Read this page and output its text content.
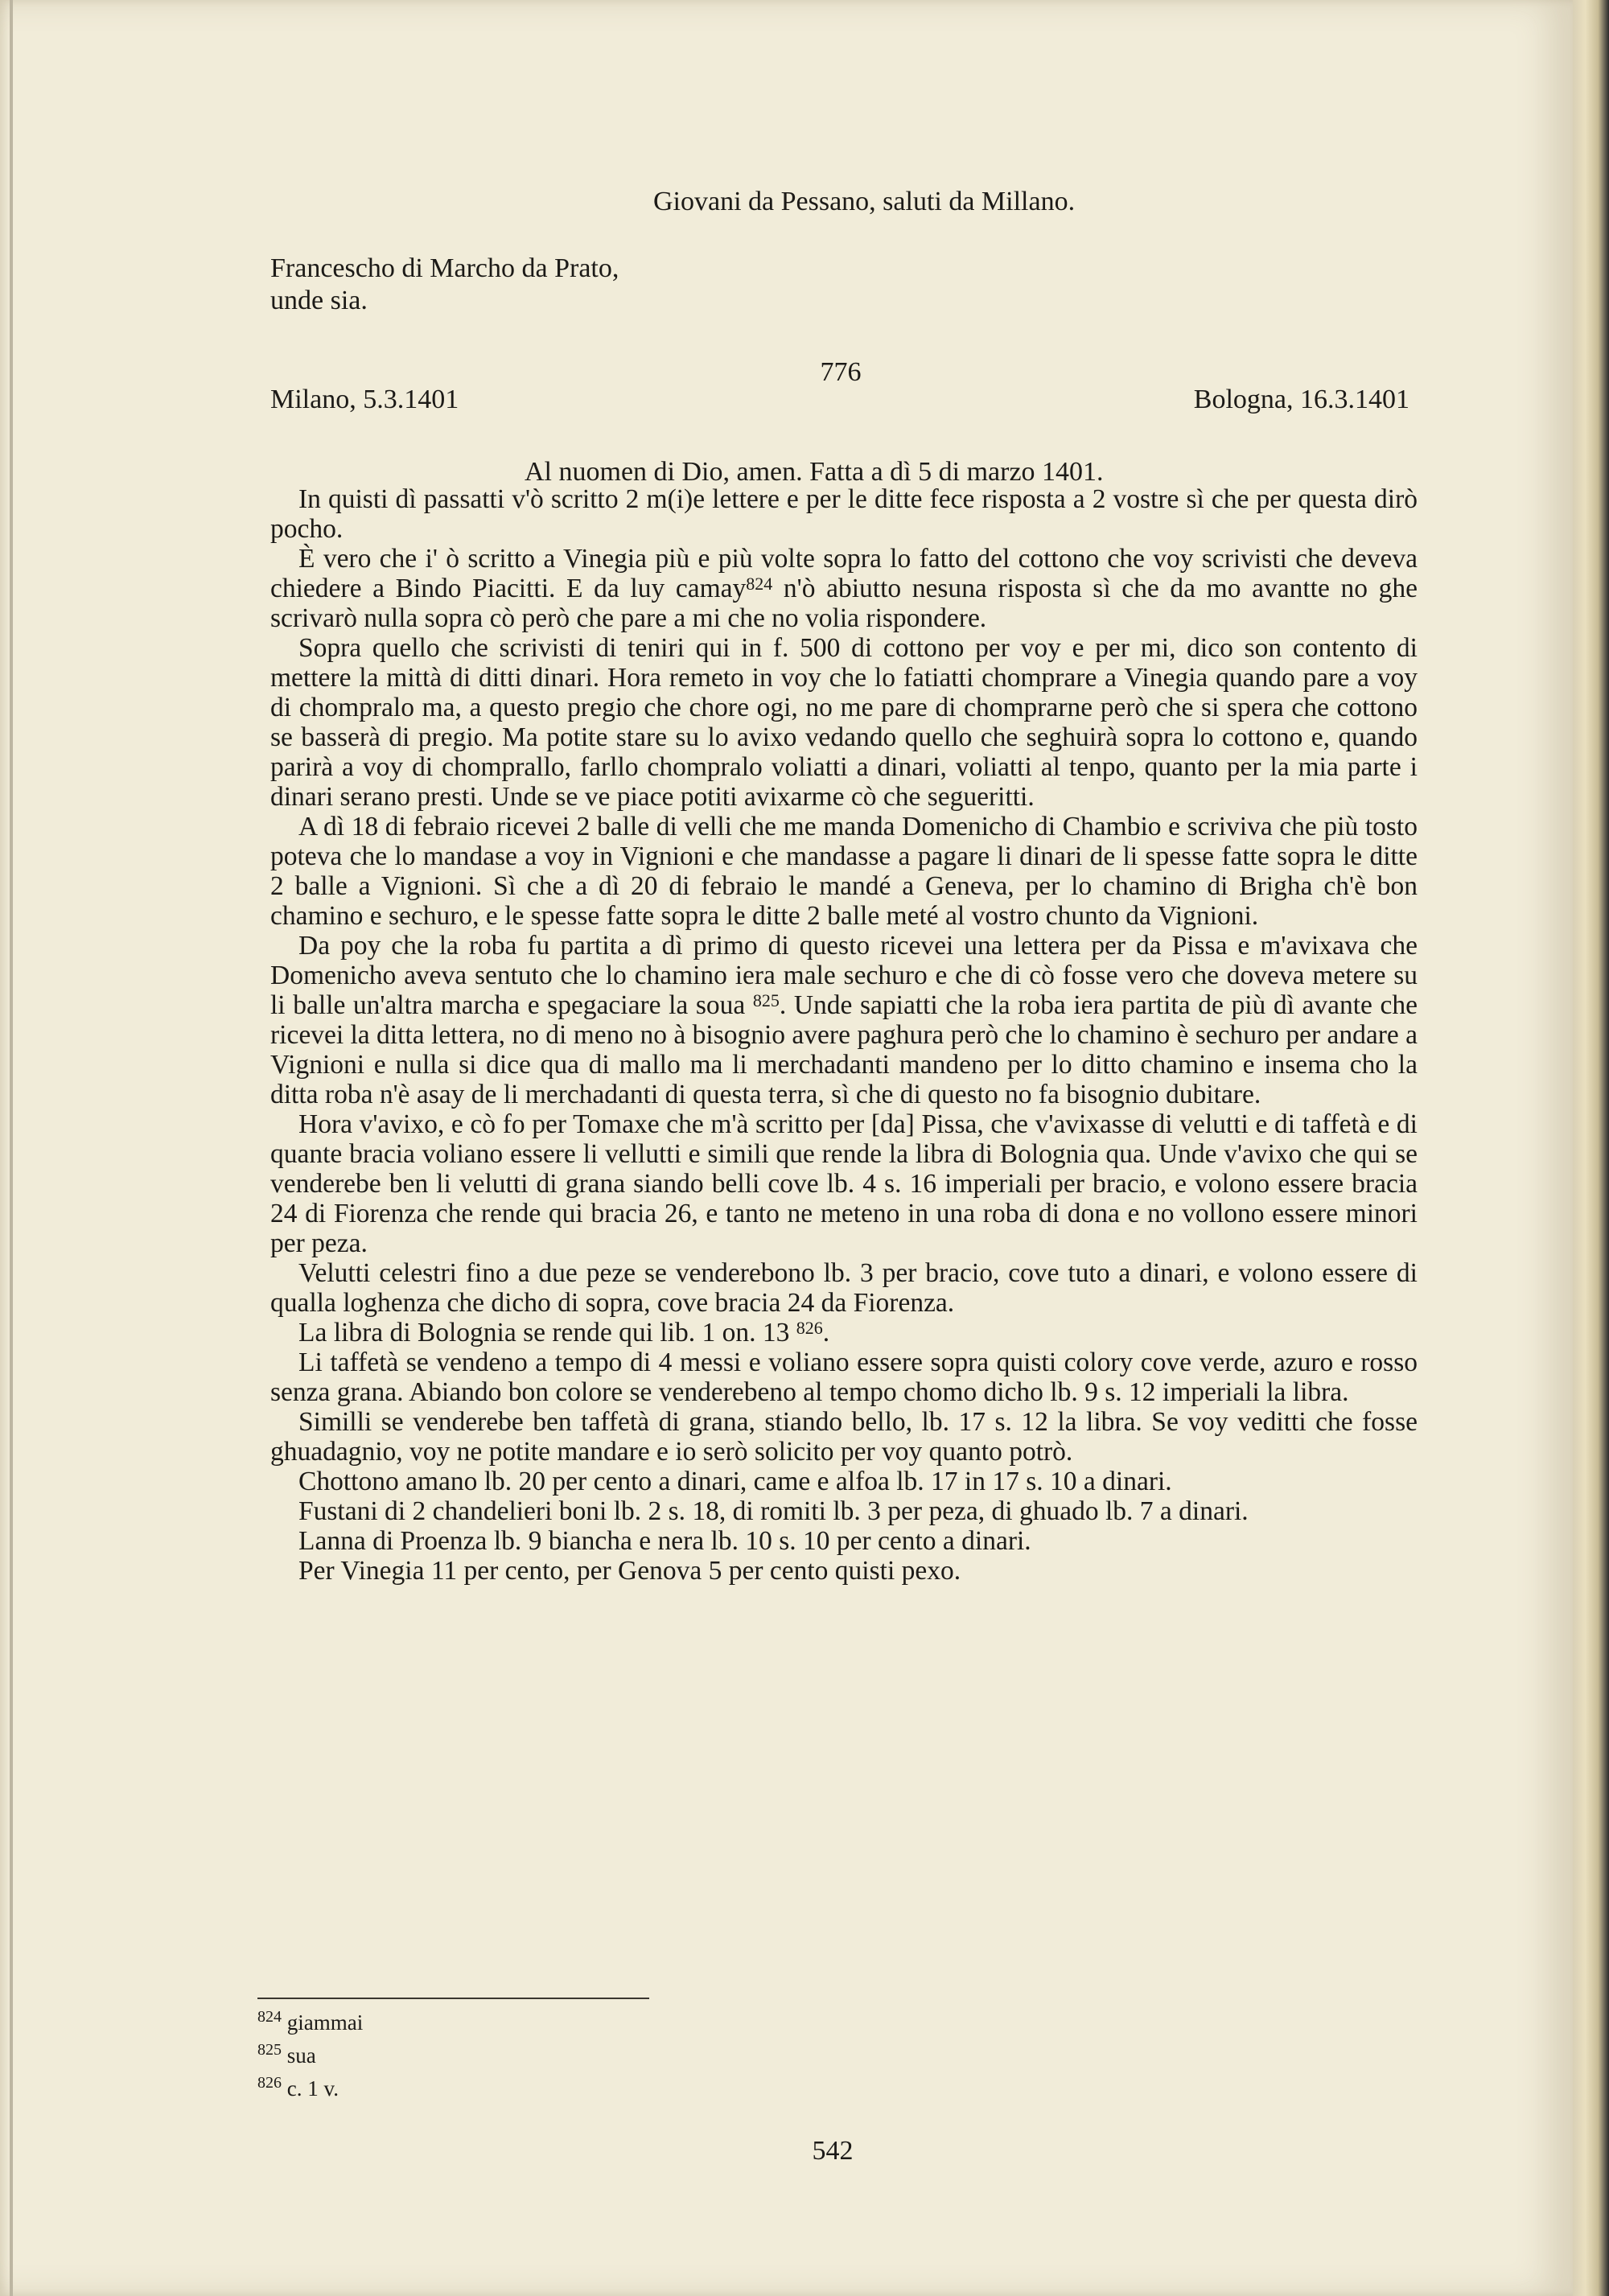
Giovani da Pessano, saluti da Millano.
Francescho di Marcho da Prato,
unde sia.
776
Milano, 5.3.1401	Bologna, 16.3.1401
Al nuomen di Dio, amen. Fatta a dì 5 di marzo 1401.

In quisti dì passatti v'ò scritto 2 m(i)e lettere e per le ditte fece risposta a 2 vostre sì che per questa dirò pocho.

È vero che i' ò scritto a Vinegia più e più volte sopra lo fatto del cottono che voy scrivisti che deveva chiedere a Bindo Piacitti. E da luy camay$^{824}$ n'ò abiutto nesuna risposta sì che da mo avantte no ghe scrivarò nulla sopra cò però che pare a mi che no volia rispondere.

Sopra quello che scrivisti di teniri qui in f. 500 di cottono per voy e per mi, dico son contento di mettere la mittà di ditti dinari. Hora remeto in voy che lo fatiatti chomprare a Vinegia quando pare a voy di chompralo ma, a questo pregio che chore ogi, no me pare di chomprarne però che si spera che cottono se basserà di pregio. Ma potite stare su lo avixo vedando quello che seghuirà sopra lo cottono e, quando parirà a voy di chomprallo, farllo chompralo voliatti a dinari, voliatti al tenpo, quanto per la mia parte i dinari serano presti. Unde se ve piace potiti avixarme cò che segueritti.

A dì 18 di febraio ricevei 2 balle di velli che me manda Domenicho di Chambio e scriviva che più tosto poteva che lo mandase a voy in Vignioni e che mandasse a pagare li dinari de li spesse fatte sopra le ditte 2 balle a Vignioni. Sì che a dì 20 di febraio le mandé a Geneva, per lo chamino di Brigha ch'è bon chamino e sechuro, e le spesse fatte sopra le ditte 2 balle meté al vostro chunto da Vignioni.

Da poy che la roba fu partita a dì primo di questo ricevei una lettera per da Pissa e m'avixava che Domenicho aveva sentuto che lo chamino iera male sechuro e che di cò fosse vero che doveva metere su li balle un'altra marcha e spegaciare la soua $^{825}$. Unde sapiatti che la roba iera partita de più dì avante che ricevei la ditta lettera, no di meno no à bisognio avere paghura però che lo chamino è sechuro per andare a Vignioni e nulla si dice qua di mallo ma li merchadanti mandeno per lo ditto chamino e insema cho la ditta roba n'è asay de li merchadanti di questa terra, sì che di questo no fa bisognio dubitare.

Hora v'avixo, e cò fo per Tomaxe che m'à scritto per [da] Pissa, che v'avixasse di velutti e di taffetà e di quante bracia voliano essere li vellutti e simili que rende la libra di Bolognia qua. Unde v'avixo che qui se venderebe ben li velutti di grana siando belli cove lb. 4 s. 16 imperiali per bracio, e volono essere bracia 24 di Fiorenza che rende qui bracia 26, e tanto ne meteno in una roba di dona e no vollono essere minori per peza.

Velutti celestri fino a due peze se venderebono lb. 3 per bracio, cove tuto a dinari, e volono essere di qualla loghenza che dicho di sopra, cove bracia 24 da Fiorenza.

La libra di Bolognia se rende qui lib. 1 on. 13 $^{826}$.

Li taffetà se vendeno a tempo di 4 messi e voliano essere sopra quisti colory cove verde, azuro e rosso senza grana. Abiando bon colore se venderebeno al tempo chomo dicho lb. 9 s. 12 imperiali la libra.

Similli se venderebe ben taffetà di grana, stiando bello, lb. 17 s. 12 la libra. Se voy veditti che fosse ghuadagnio, voy ne potite mandare e io serò solicito per voy quanto potrò.

Chottono amano lb. 20 per cento a dinari, came e alfoa lb. 17 in 17 s. 10 a dinari.

Fustani di 2 chandelieri boni lb. 2 s. 18, di romiti lb. 3 per peza, di ghuado lb. 7 a dinari.

Lanna di Proenza lb. 9 biancha e nera lb. 10 s. 10 per cento a dinari.

Per Vinegia 11 per cento, per Genova 5 per cento quisti pexo.

$^{824}$ giammai
$^{825}$ sua
$^{826}$ c. 1 v.
542
